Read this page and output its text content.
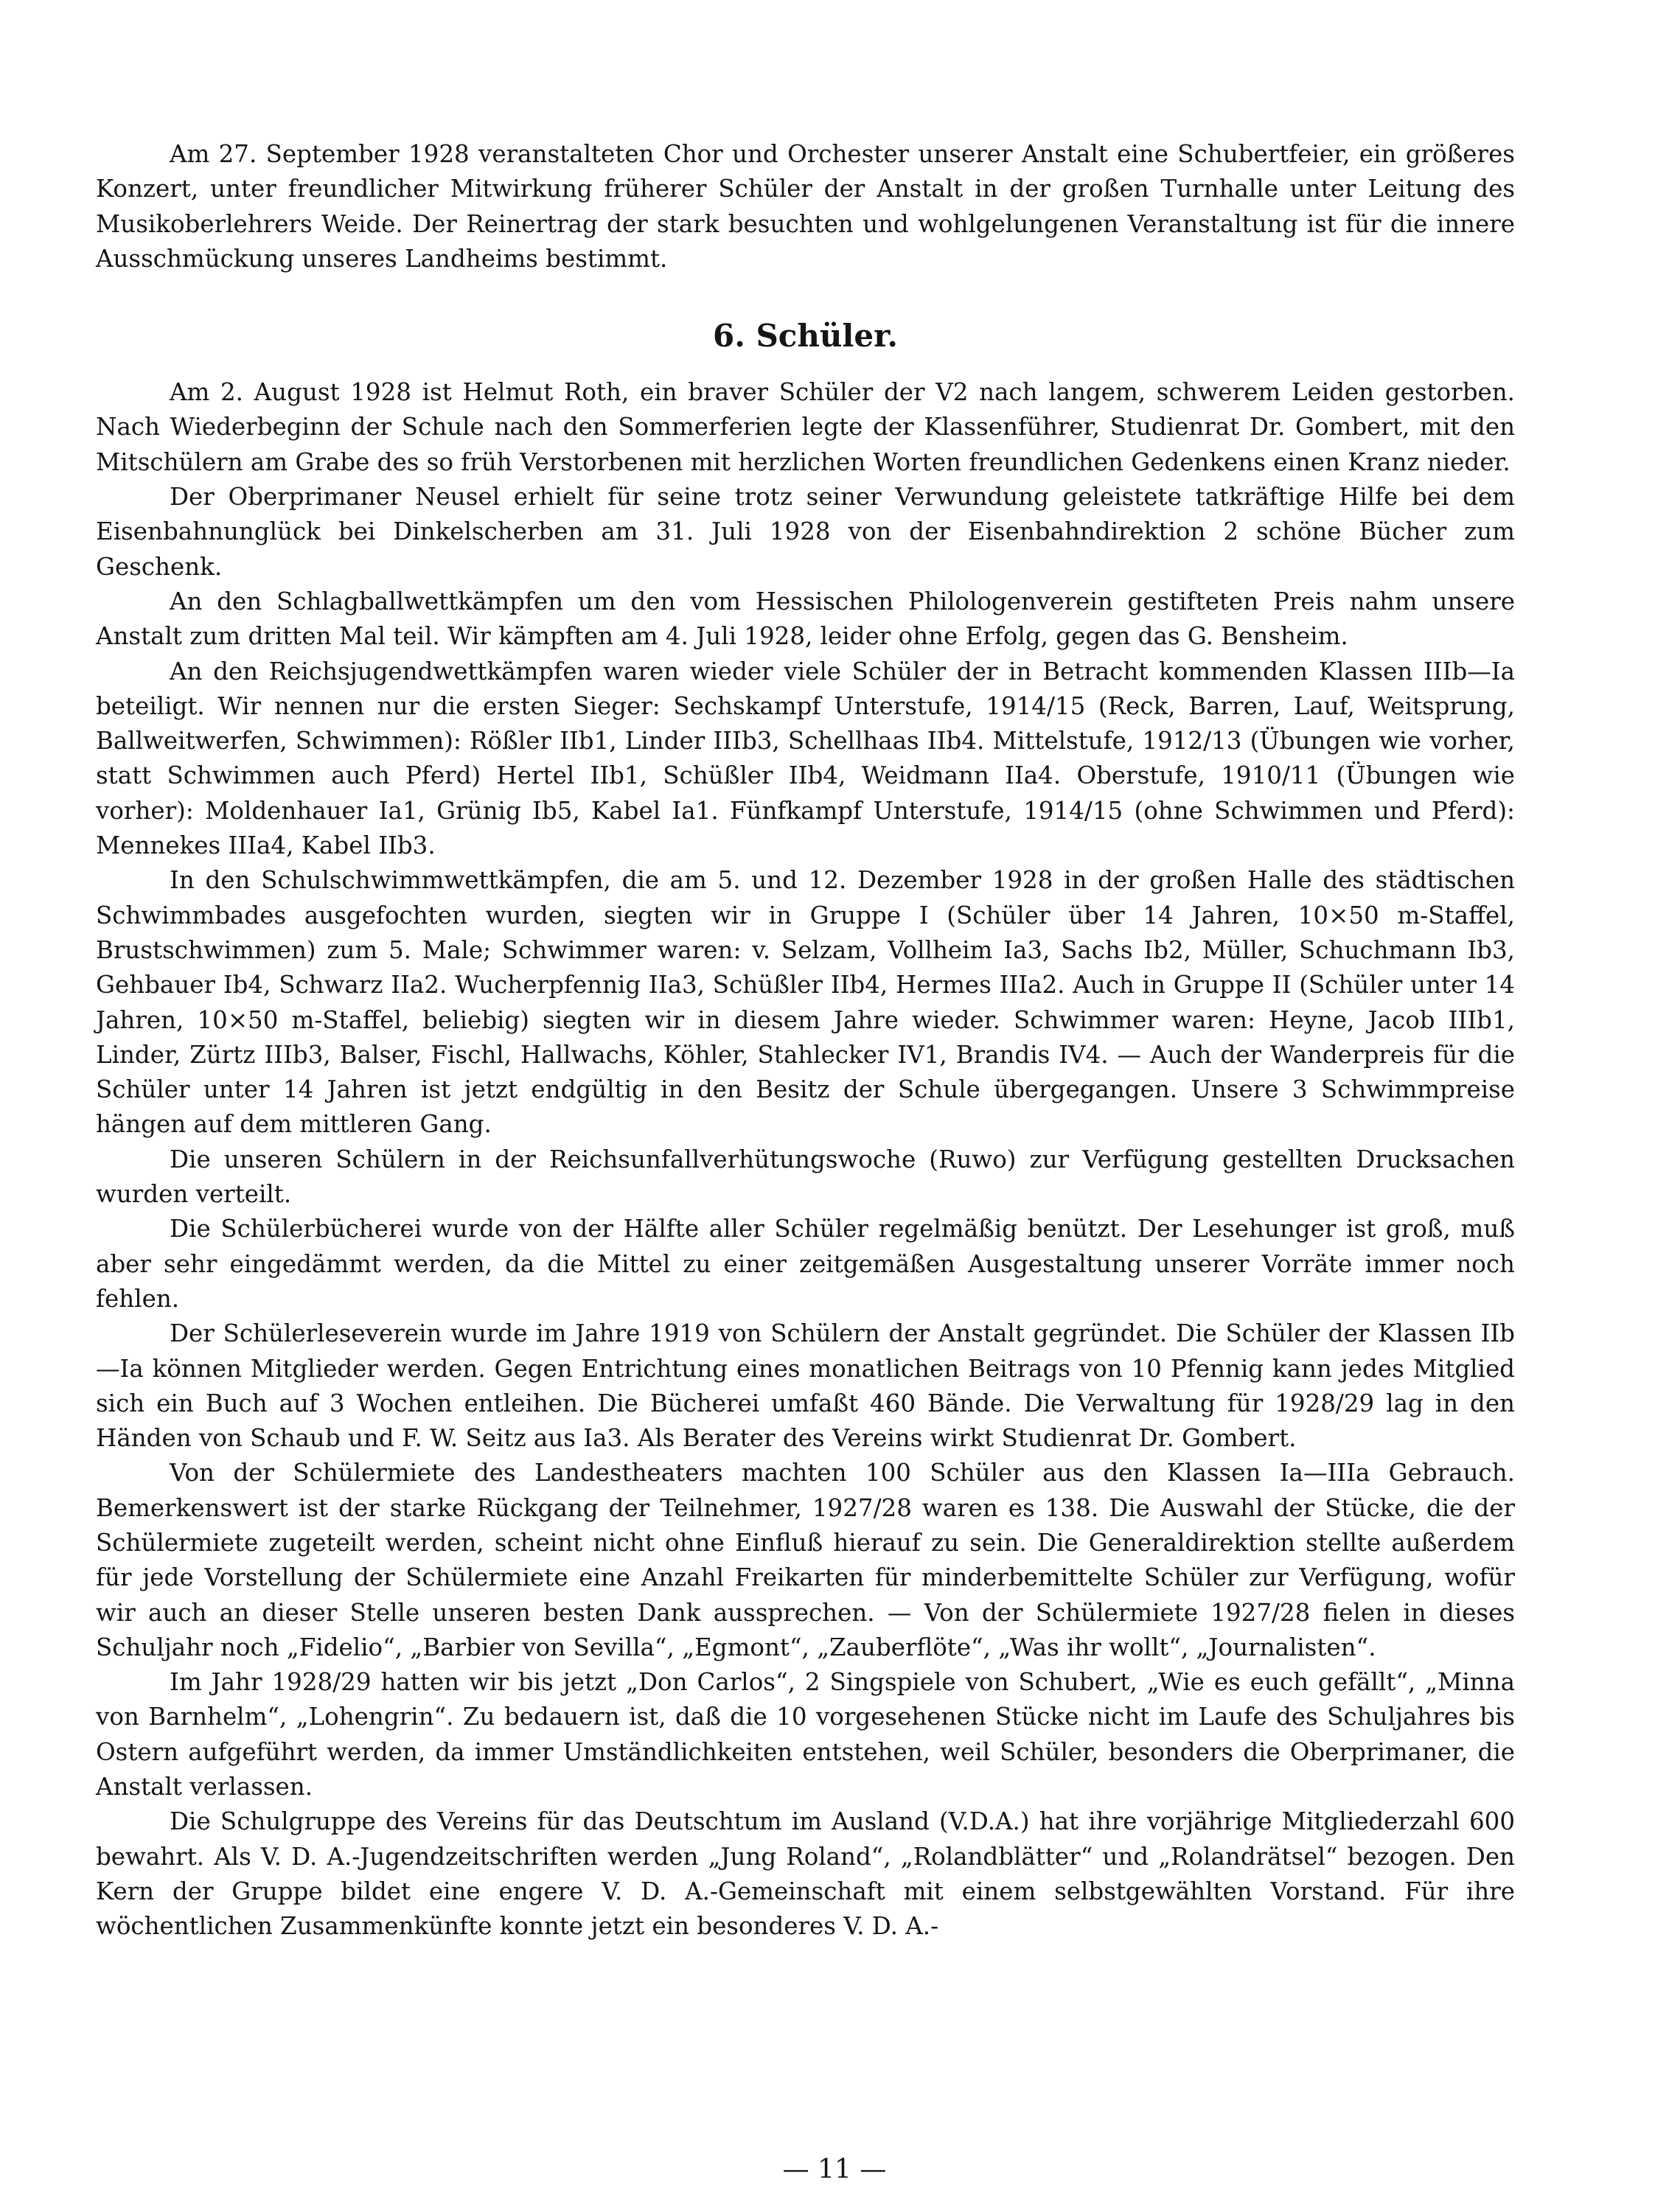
Am 27. September 1928 veranstalteten Chor und Orchester unserer Anstalt eine Schubertfeier, ein größeres Konzert, unter freundlicher Mitwirkung früherer Schüler der Anstalt in der großen Turnhalle unter Leitung des Musikoberlehrers Weide. Der Reinertrag der stark besuchten und wohlgelungenen Veranstaltung ist für die innere Ausschmückung unseres Landheims bestimmt.

6. Schüler.

Am 2. August 1928 ist Helmut Roth, ein braver Schüler der V2 nach langem, schwerem Leiden gestorben. Nach Wiederbeginn der Schule nach den Sommerferien legte der Klassenführer, Studienrat Dr. Gombert, mit den Mitschülern am Grabe des so früh Verstorbenen mit herzlichen Worten freundlichen Gedenkens einen Kranz nieder.

Der Oberprimaner Neusel erhielt für seine trotz seiner Verwundung geleistete tatkräftige Hilfe bei dem Eisenbahnunglück bei Dinkelscherben am 31. Juli 1928 von der Eisenbahndirektion 2 schöne Bücher zum Geschenk.

An den Schlagballwettkämpfen um den vom Hessischen Philologenverein gestifteten Preis nahm unsere Anstalt zum dritten Mal teil. Wir kämpften am 4. Juli 1928, leider ohne Erfolg, gegen das G. Bensheim.

An den Reichsjugendwettkämpfen waren wieder viele Schüler der in Betracht kommenden Klassen IIIb—Ia beteiligt. Wir nennen nur die ersten Sieger: Sechskampf Unterstufe, 1914/15 (Reck, Barren, Lauf, Weitsprung, Ballweitwerfen, Schwimmen): Rößler IIb1, Linder IIIb3, Schellhaas IIb4. Mittelstufe, 1912/13 (Übungen wie vorher, statt Schwimmen auch Pferd) Hertel IIb1, Schüßler IIb4, Weidmann IIa4. Oberstufe, 1910/11 (Übungen wie vorher): Moldenhauer Ia1, Grünig Ib5, Kabel Ia1. Fünfkampf Unterstufe, 1914/15 (ohne Schwimmen und Pferd): Mennekes IIIa4, Kabel IIb3.

In den Schulschwimmwettkämpfen, die am 5. und 12. Dezember 1928 in der großen Halle des städtischen Schwimmbades ausgefochten wurden, siegten wir in Gruppe I (Schüler über 14 Jahren, 10×50 m-Staffel, Brustschwimmen) zum 5. Male; Schwimmer waren: v. Selzam, Vollheim Ia3, Sachs Ib2, Müller, Schuchmann Ib3, Gehbauer Ib4, Schwarz IIa2. Wucherpfennig IIa3, Schüßler IIb4, Hermes IIIa2. Auch in Gruppe II (Schüler unter 14 Jahren, 10×50 m-Staffel, beliebig) siegten wir in diesem Jahre wieder. Schwimmer waren: Heyne, Jacob IIIb1, Linder, Zürtz IIIb3, Balser, Fischl, Hallwachs, Köhler, Stahlecker IV1, Brandis IV4. — Auch der Wanderpreis für die Schüler unter 14 Jahren ist jetzt endgültig in den Besitz der Schule übergegangen. Unsere 3 Schwimmpreise hängen auf dem mittleren Gang.

Die unseren Schülern in der Reichsunfallverhütungswoche (Ruwo) zur Verfügung gestellten Drucksachen wurden verteilt.

Die Schülerbücherei wurde von der Hälfte aller Schüler regelmäßig benützt. Der Lesehunger ist groß, muß aber sehr eingedämmt werden, da die Mittel zu einer zeitgemäßen Ausgestaltung unserer Vorräte immer noch fehlen.

Der Schülerleseverein wurde im Jahre 1919 von Schülern der Anstalt gegründet. Die Schüler der Klassen IIb—Ia können Mitglieder werden. Gegen Entrichtung eines monatlichen Beitrags von 10 Pfennig kann jedes Mitglied sich ein Buch auf 3 Wochen entleihen. Die Bücherei umfaßt 460 Bände. Die Verwaltung für 1928/29 lag in den Händen von Schaub und F. W. Seitz aus Ia3. Als Berater des Vereins wirkt Studienrat Dr. Gombert.

Von der Schülermiete des Landestheaters machten 100 Schüler aus den Klassen Ia—IIIa Gebrauch. Bemerkenswert ist der starke Rückgang der Teilnehmer, 1927/28 waren es 138. Die Auswahl der Stücke, die der Schülermiete zugeteilt werden, scheint nicht ohne Einfluß hierauf zu sein. Die Generaldirektion stellte außerdem für jede Vorstellung der Schülermiete eine Anzahl Freikarten für minderbemittelte Schüler zur Verfügung, wofür wir auch an dieser Stelle unseren besten Dank aussprechen. — Von der Schülermiete 1927/28 fielen in dieses Schuljahr noch „Fidelio“, „Barbier von Sevilla“, „Egmont“, „Zauberflöte“, „Was ihr wollt“, „Journalisten“.

Im Jahr 1928/29 hatten wir bis jetzt „Don Carlos“, 2 Singspiele von Schubert, „Wie es euch gefällt“, „Minna von Barnhelm“, „Lohengrin“. Zu bedauern ist, daß die 10 vorgesehenen Stücke nicht im Laufe des Schuljahres bis Ostern aufgeführt werden, da immer Umständlichkeiten entstehen, weil Schüler, besonders die Oberprimaner, die Anstalt verlassen.

Die Schulgruppe des Vereins für das Deutschtum im Ausland (V.D.A.) hat ihre vorjährige Mitgliederzahl 600 bewahrt. Als V. D. A.-Jugendzeitschriften werden „Jung Roland“, „Rolandblätter“ und „Rolandrätsel“ bezogen. Den Kern der Gruppe bildet eine engere V. D. A.-Gemeinschaft mit einem selbstgewählten Vorstand. Für ihre wöchentlichen Zusammenkünfte konnte jetzt ein besonderes V. D. A.-

— 11 —
